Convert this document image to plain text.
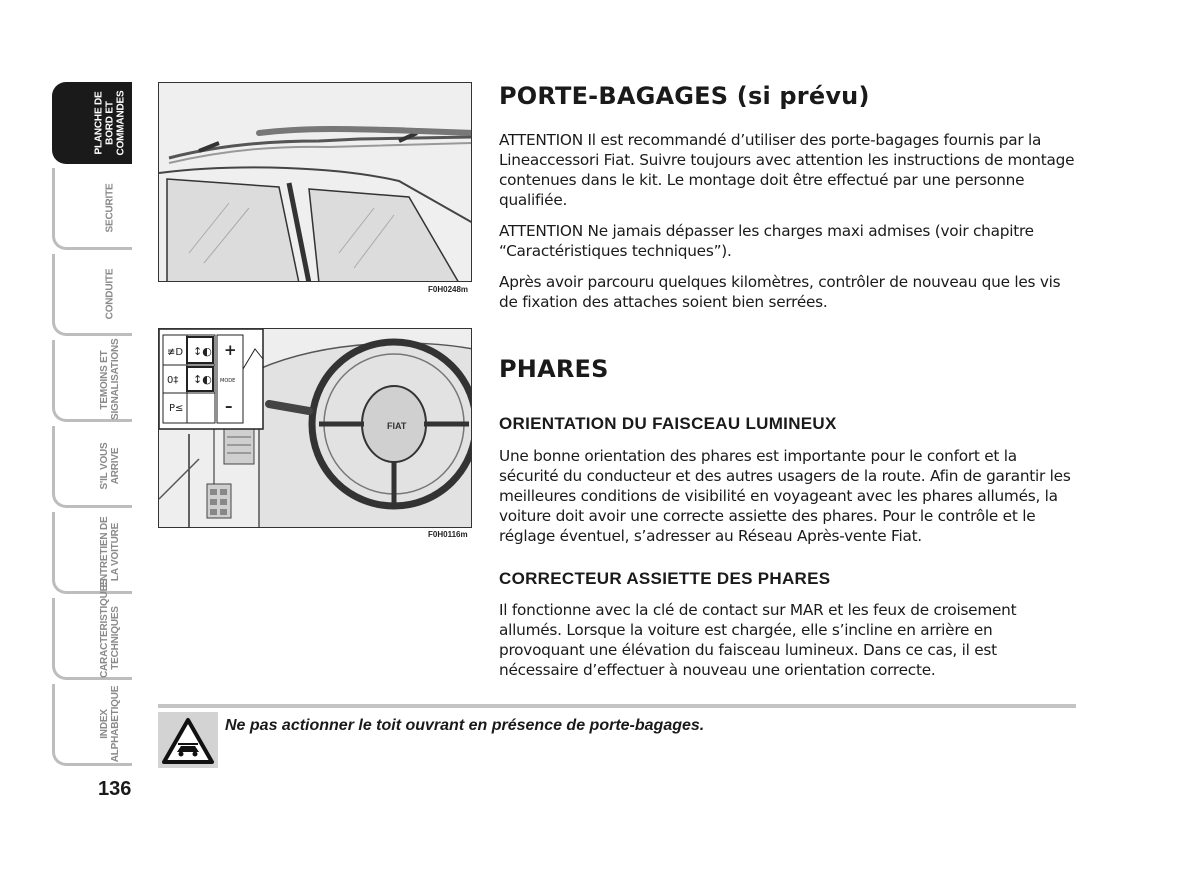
PLANCHE DE
BORD ET
COMMANDES
SECURITE
CONDUITE
TEMOINS ET
SIGNALISATIONS
S'IL VOUS
ARRIVE
ENTRETIEN DE
LA VOITURE
CARACTERISTIQUES
TECHNIQUES
INDEX
ALPHABETIQUE
136
F0H0248m
FIAT
≢D
0‡
P≤
↕◐
↕◐
+
MODE
–
F0H0116m
PORTE-BAGAGES (si prévu)

ATTENTION Il est recommandé d’utiliser des porte-bagages fournis par la Lineaccessori Fiat. Suivre toujours avec attention les instructions de montage contenues dans le kit. Le montage doit être effectué par une personne qualifiée.

ATTENTION Ne jamais dépasser les charges maxi admises (voir chapitre “Caractéristiques techniques”).

Après avoir parcouru quelques kilomètres, contrôler de nouveau que les vis de fixation des attaches soient bien serrées.

PHARES
ORIENTATION DU FAISCEAU LUMINEUX

Une bonne orientation des phares est importante pour le confort et la sécurité du conducteur et des autres usagers de la route. Afin de garantir les meilleures conditions de visibilité en voyageant avec les phares allumés, la voiture doit avoir une correcte assiette des phares. Pour le contrôle et le réglage éventuel, s’adresser au Réseau Après-vente Fiat.

CORRECTEUR ASSIETTE DES PHARES

Il fonctionne avec la clé de contact sur MAR et les feux de croisement allumés. Lorsque la voiture est chargée, elle s’incline en arrière en provoquant une élévation du faisceau lumineux. Dans ce cas, il est nécessaire d’effectuer à nouveau une orientation correcte.

Ne pas actionner le toit ouvrant en présence de porte-bagages.
